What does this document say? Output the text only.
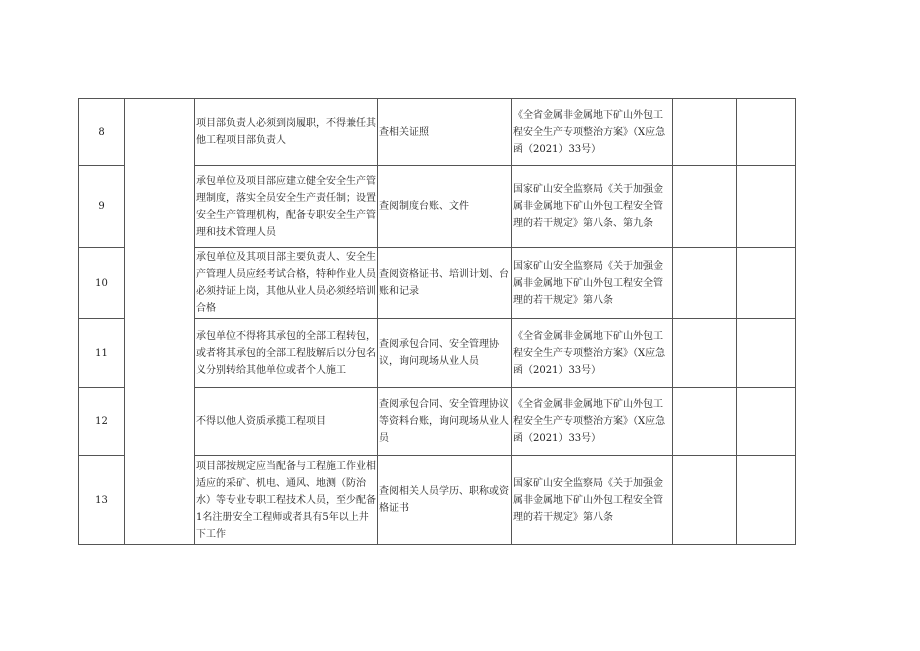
8		项目部负责人必须到岗履职，不得兼任其他工程项目部负责人	查相关证照	《全省金属非金属地下矿山外包工程安全生产专项整治方案》（X应急函（2021）33号）		
9		承包单位及项目部应建立健全安全生产管理制度，落实全员安全生产责任制；设置安全生产管理机构，配备专职安全生产管理和技术管理人员	查阅制度台账、文件	国家矿山安全监察局《关于加强金属非金属地下矿山外包工程安全管理的若干规定》第八条、第九条		
10		承包单位及其项目部主要负责人、安全生产管理人员应经考试合格，特种作业人员必须持证上岗，其他从业人员必须经培训合格	查阅资格证书、培训计划、台账和记录	国家矿山安全监察局《关于加强金属非金属地下矿山外包工程安全管理的若干规定》第八条		
11		承包单位不得将其承包的全部工程转包，或者将其承包的全部工程肢解后以分包名义分别转给其他单位或者个人施工	查阅承包合同、安全管理协议，询问现场从业人员	《全省金属非金属地下矿山外包工程安全生产专项整治方案》（X应急函（2021）33号）		
12		不得以他人资质承揽工程项目	查阅承包合同、安全管理协议等资料台账，询问现场从业人员	《全省金属非金属地下矿山外包工程安全生产专项整治方案》（X应急函（2021）33号）		
13		项目部按规定应当配备与工程施工作业相适应的采矿、机电、通风、地测（防治水）等专业专职工程技术人员，至少配备1名注册安全工程师或者具有5年以上井下工作	查阅相关人员学历、职称或资格证书	国家矿山安全监察局《关于加强金属非金属地下矿山外包工程安全管理的若干规定》第八条		
